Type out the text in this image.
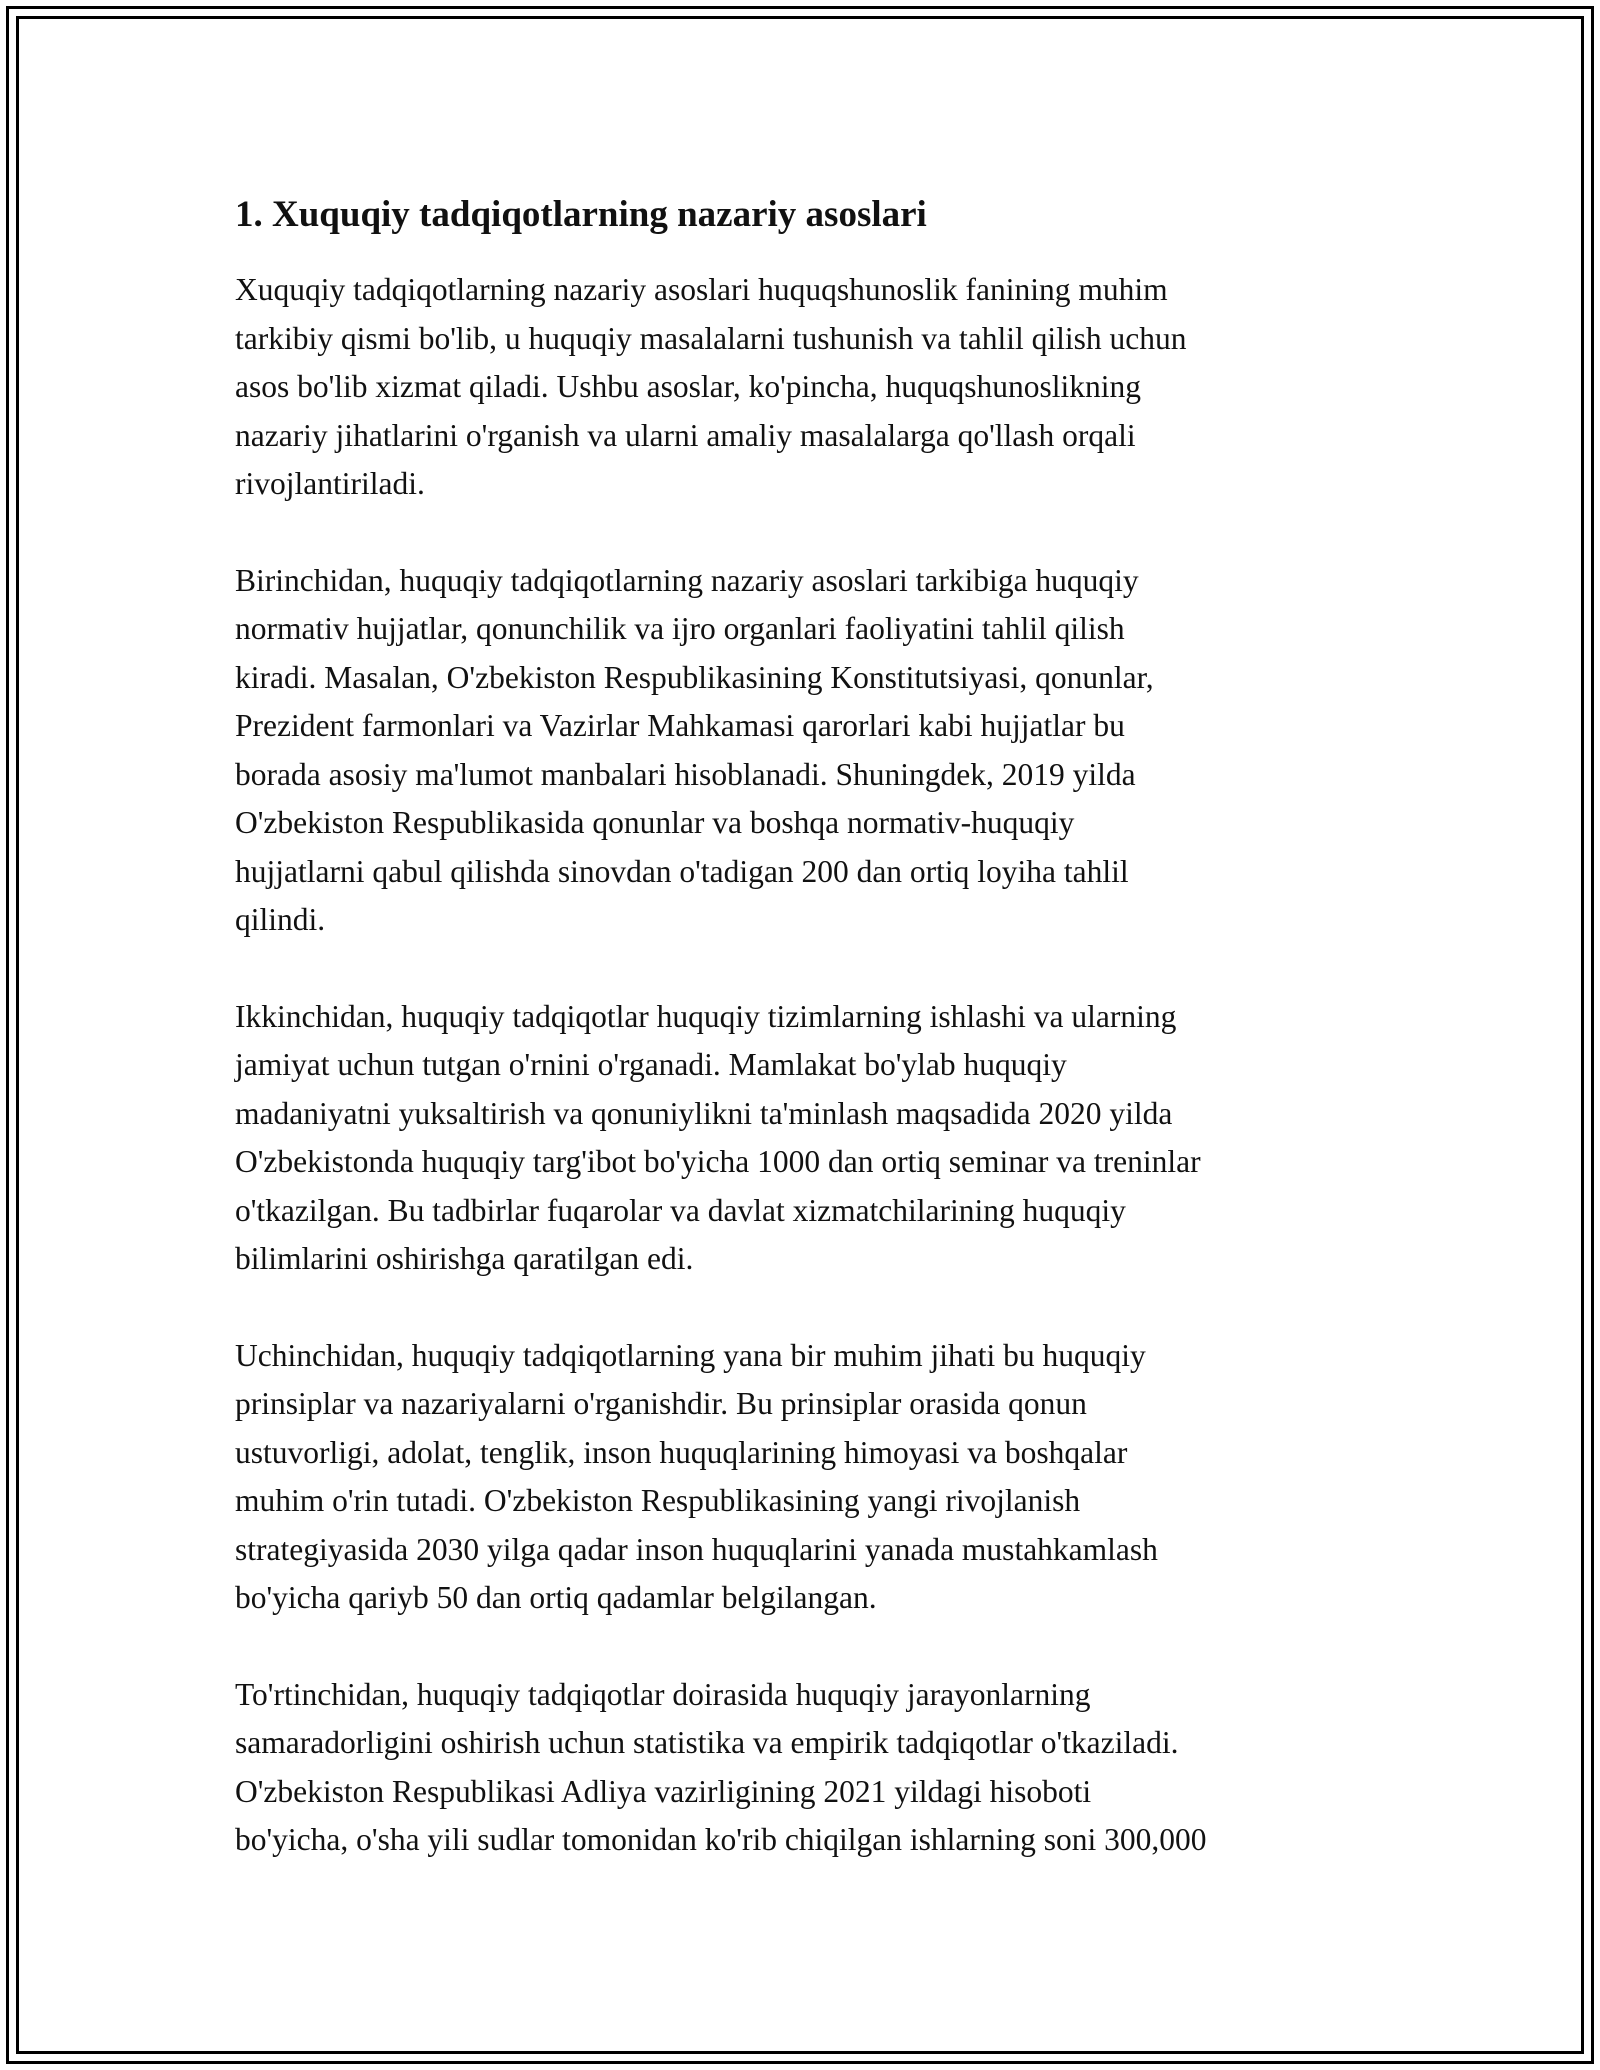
1. Xuquqiy tadqiqotlarning nazariy asoslari

Xuquqiy tadqiqotlarning nazariy asoslari huquqshunoslik fanining muhim
tarkibiy qismi bo'lib, u huquqiy masalalarni tushunish va tahlil qilish uchun
asos bo'lib xizmat qiladi. Ushbu asoslar, ko'pincha, huquqshunoslikning
nazariy jihatlarini o'rganish va ularni amaliy masalalarga qo'llash orqali
rivojlantiriladi.

Birinchidan, huquqiy tadqiqotlarning nazariy asoslari tarkibiga huquqiy
normativ hujjatlar, qonunchilik va ijro organlari faoliyatini tahlil qilish
kiradi. Masalan, O'zbekiston Respublikasining Konstitutsiyasi, qonunlar,
Prezident farmonlari va Vazirlar Mahkamasi qarorlari kabi hujjatlar bu
borada asosiy ma'lumot manbalari hisoblanadi. Shuningdek, 2019 yilda
O'zbekiston Respublikasida qonunlar va boshqa normativ-huquqiy
hujjatlarni qabul qilishda sinovdan o'tadigan 200 dan ortiq loyiha tahlil
qilindi.

Ikkinchidan, huquqiy tadqiqotlar huquqiy tizimlarning ishlashi va ularning
jamiyat uchun tutgan o'rnini o'rganadi. Mamlakat bo'ylab huquqiy
madaniyatni yuksaltirish va qonuniylikni ta'minlash maqsadida 2020 yilda
O'zbekistonda huquqiy targ'ibot bo'yicha 1000 dan ortiq seminar va treninlar
o'tkazilgan. Bu tadbirlar fuqarolar va davlat xizmatchilarining huquqiy
bilimlarini oshirishga qaratilgan edi.

Uchinchidan, huquqiy tadqiqotlarning yana bir muhim jihati bu huquqiy
prinsiplar va nazariyalarni o'rganishdir. Bu prinsiplar orasida qonun
ustuvorligi, adolat, tenglik, inson huquqlarining himoyasi va boshqalar
muhim o'rin tutadi. O'zbekiston Respublikasining yangi rivojlanish
strategiyasida 2030 yilga qadar inson huquqlarini yanada mustahkamlash
bo'yicha qariyb 50 dan ortiq qadamlar belgilangan.

To'rtinchidan, huquqiy tadqiqotlar doirasida huquqiy jarayonlarning
samaradorligini oshirish uchun statistika va empirik tadqiqotlar o'tkaziladi.
O'zbekiston Respublikasi Adliya vazirligining 2021 yildagi hisoboti
bo'yicha, o'sha yili sudlar tomonidan ko'rib chiqilgan ishlarning soni 300,000
